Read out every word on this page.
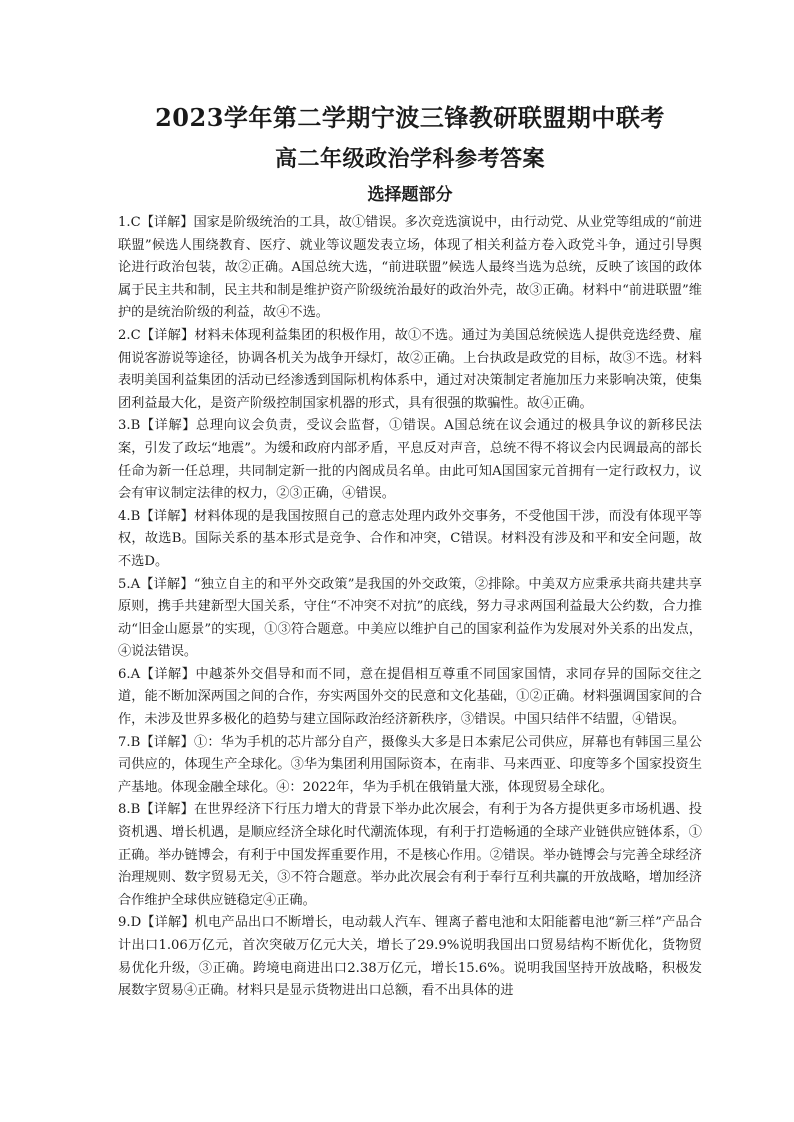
2023学年第二学期宁波三锋教研联盟期中联考
高二年级政治学科参考答案
选择题部分

1.C【详解】国家是阶级统治的工具，故①错误。多次竞选演说中，由行动党、从业党等组成的“前进联盟”候选人围绕教育、医疗、就业等议题发表立场，体现了相关利益方卷入政党斗争，通过引导舆论进行政治包装，故②正确。A国总统大选，“前进联盟”候选人最终当选为总统，反映了该国的政体属于民主共和制，民主共和制是维护资产阶级统治最好的政治外壳，故③正确。材料中“前进联盟”维护的是统治阶级的利益，故④不选。

2.C【详解】材料未体现利益集团的积极作用，故①不选。通过为美国总统候选人提供竞选经费、雇佣说客游说等途径，协调各机关为战争开绿灯，故②正确。上台执政是政党的目标，故③不选。材料表明美国利益集团的活动已经渗透到国际机构体系中，通过对决策制定者施加压力来影响决策，使集团利益最大化，是资产阶级控制国家机器的形式，具有很强的欺骗性。故④正确。

3.B【详解】总理向议会负责，受议会监督，①错误。A国总统在议会通过的极具争议的新移民法案，引发了政坛“地震”。为缓和政府内部矛盾，平息反对声音，总统不得不将议会内民调最高的部长任命为新一任总理，共同制定新一批的内阁成员名单。由此可知A国国家元首拥有一定行政权力，议会有审议制定法律的权力，②③正确，④错误。

4.B【详解】材料体现的是我国按照自己的意志处理内政外交事务，不受他国干涉，而没有体现平等权，故选B。国际关系的基本形式是竞争、合作和冲突，C错误。材料没有涉及和平和安全问题，故不选D。

5.A【详解】“独立自主的和平外交政策”是我国的外交政策，②排除。中美双方应秉承共商共建共享原则，携手共建新型大国关系，守住“不冲突不对抗”的底线，努力寻求两国利益最大公约数，合力推动“旧金山愿景”的实现，①③符合题意。中美应以维护自己的国家利益作为发展对外关系的出发点，④说法错误。

6.A【详解】中越茶外交倡导和而不同，意在提倡相互尊重不同国家国情，求同存异的国际交往之道，能不断加深两国之间的合作，夯实两国外交的民意和文化基础，①②正确。材料强调国家间的合作，未涉及世界多极化的趋势与建立国际政治经济新秩序，③错误。中国只结伴不结盟，④错误。

7.B【详解】①：华为手机的芯片部分自产，摄像头大多是日本索尼公司供应，屏幕也有韩国三星公司供应的，体现生产全球化。③华为集团利用国际资本，在南非、马来西亚、印度等多个国家投资生产基地。体现金融全球化。④：2022年，华为手机在俄销量大涨，体现贸易全球化。

8.B【详解】在世界经济下行压力增大的背景下举办此次展会，有利于为各方提供更多市场机遇、投资机遇、增长机遇，是顺应经济全球化时代潮流体现，有利于打造畅通的全球产业链供应链体系，①正确。举办链博会，有利于中国发挥重要作用，不是核心作用。②错误。举办链博会与完善全球经济治理规则、数字贸易无关，③不符合题意。举办此次展会有利于奉行互利共赢的开放战略，增加经济合作维护全球供应链稳定④正确。

9.D【详解】机电产品出口不断增长，电动载人汽车、锂离子蓄电池和太阳能蓄电池“新三样”产品合计出口1.06万亿元，首次突破万亿元大关，增长了29.9%说明我国出口贸易结构不断优化，货物贸易优化升级，③正确。跨境电商进出口2.38万亿元，增长15.6%。说明我国坚持开放战略，积极发展数字贸易④正确。材料只是显示货物进出口总额，看不出具体的进
